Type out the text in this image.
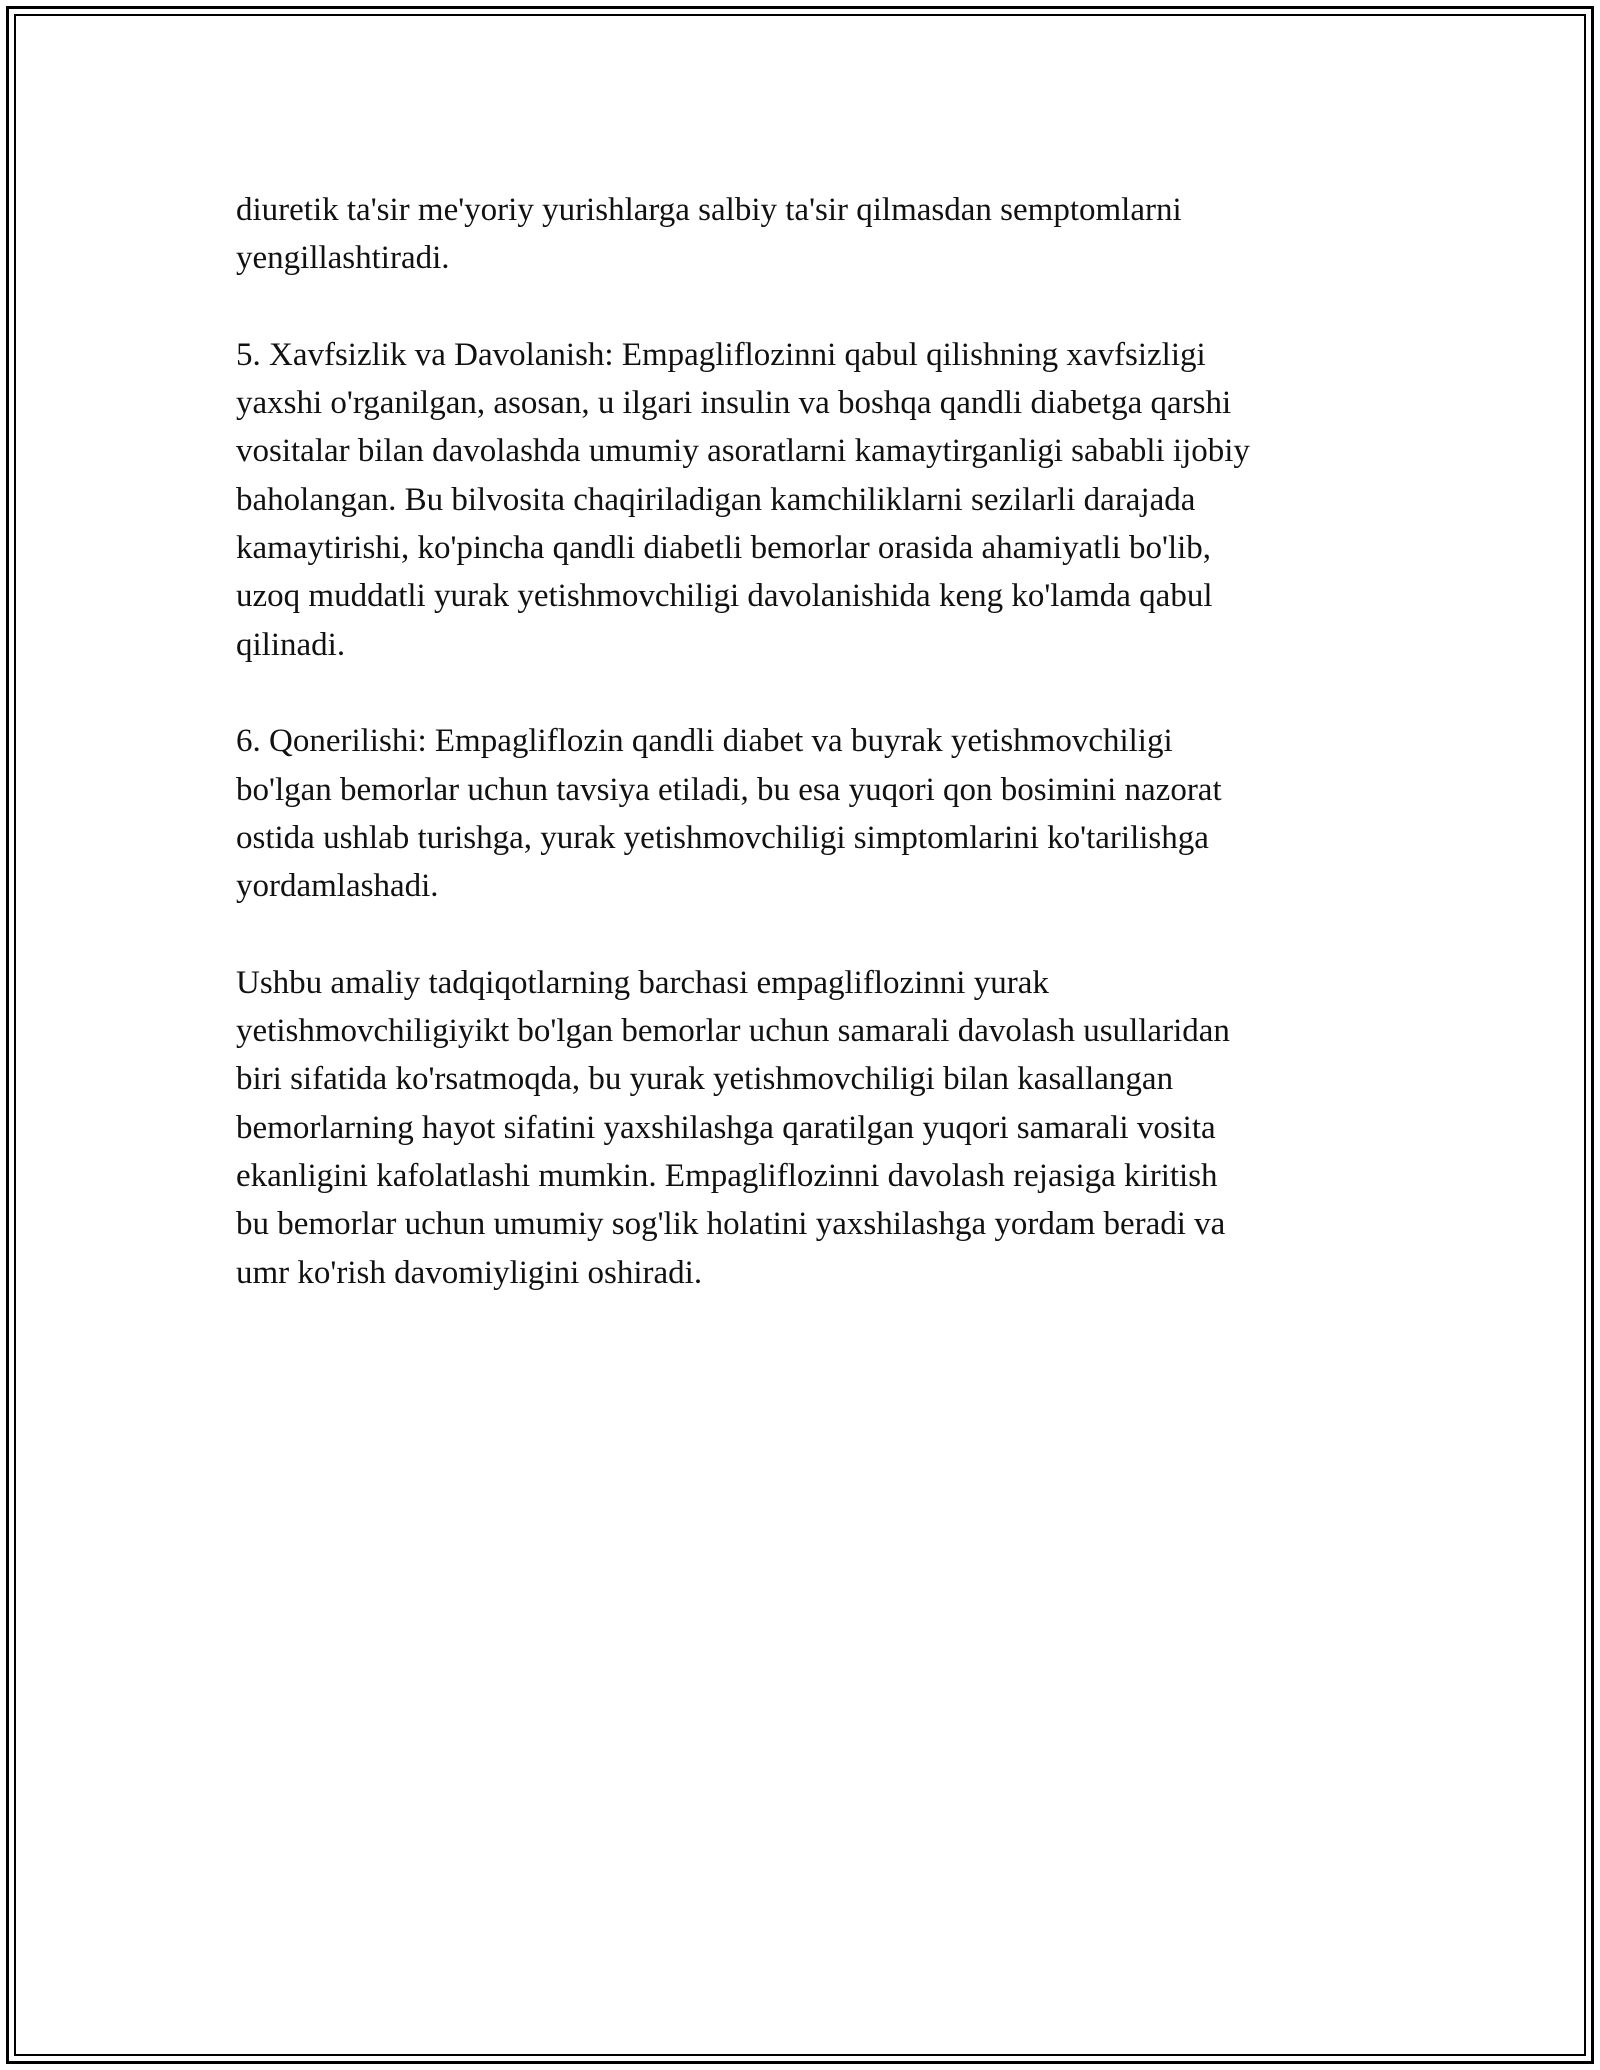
diuretik ta'sir me'yoriy yurishlarga salbiy ta'sir qilmasdan semptomlarni
yengillashtiradi.

5. Xavfsizlik va Davolanish: Empagliflozinni qabul qilishning xavfsizligi
yaxshi o'rganilgan, asosan, u ilgari insulin va boshqa qandli diabetga qarshi
vositalar bilan davolashda umumiy asoratlarni kamaytirganligi sababli ijobiy
baholangan. Bu bilvosita chaqiriladigan kamchiliklarni sezilarli darajada
kamaytirishi, ko'pincha qandli diabetli bemorlar orasida ahamiyatli bo'lib,
uzoq muddatli yurak yetishmovchiligi davolanishida keng ko'lamda qabul
qilinadi.

6. Qonerilishi: Empagliflozin qandli diabet va buyrak yetishmovchiligi
bo'lgan bemorlar uchun tavsiya etiladi, bu esa yuqori qon bosimini nazorat
ostida ushlab turishga, yurak yetishmovchiligi simptomlarini ko'tarilishga
yordamlashadi.

Ushbu amaliy tadqiqotlarning barchasi empagliflozinni yurak
yetishmovchiligiyikt bo'lgan bemorlar uchun samarali davolash usullaridan
biri sifatida ko'rsatmoqda, bu yurak yetishmovchiligi bilan kasallangan
bemorlarning hayot sifatini yaxshilashga qaratilgan yuqori samarali vosita
ekanligini kafolatlashi mumkin. Empagliflozinni davolash rejasiga kiritish
bu bemorlar uchun umumiy sog'lik holatini yaxshilashga yordam beradi va
umr ko'rish davomiyligini oshiradi.
